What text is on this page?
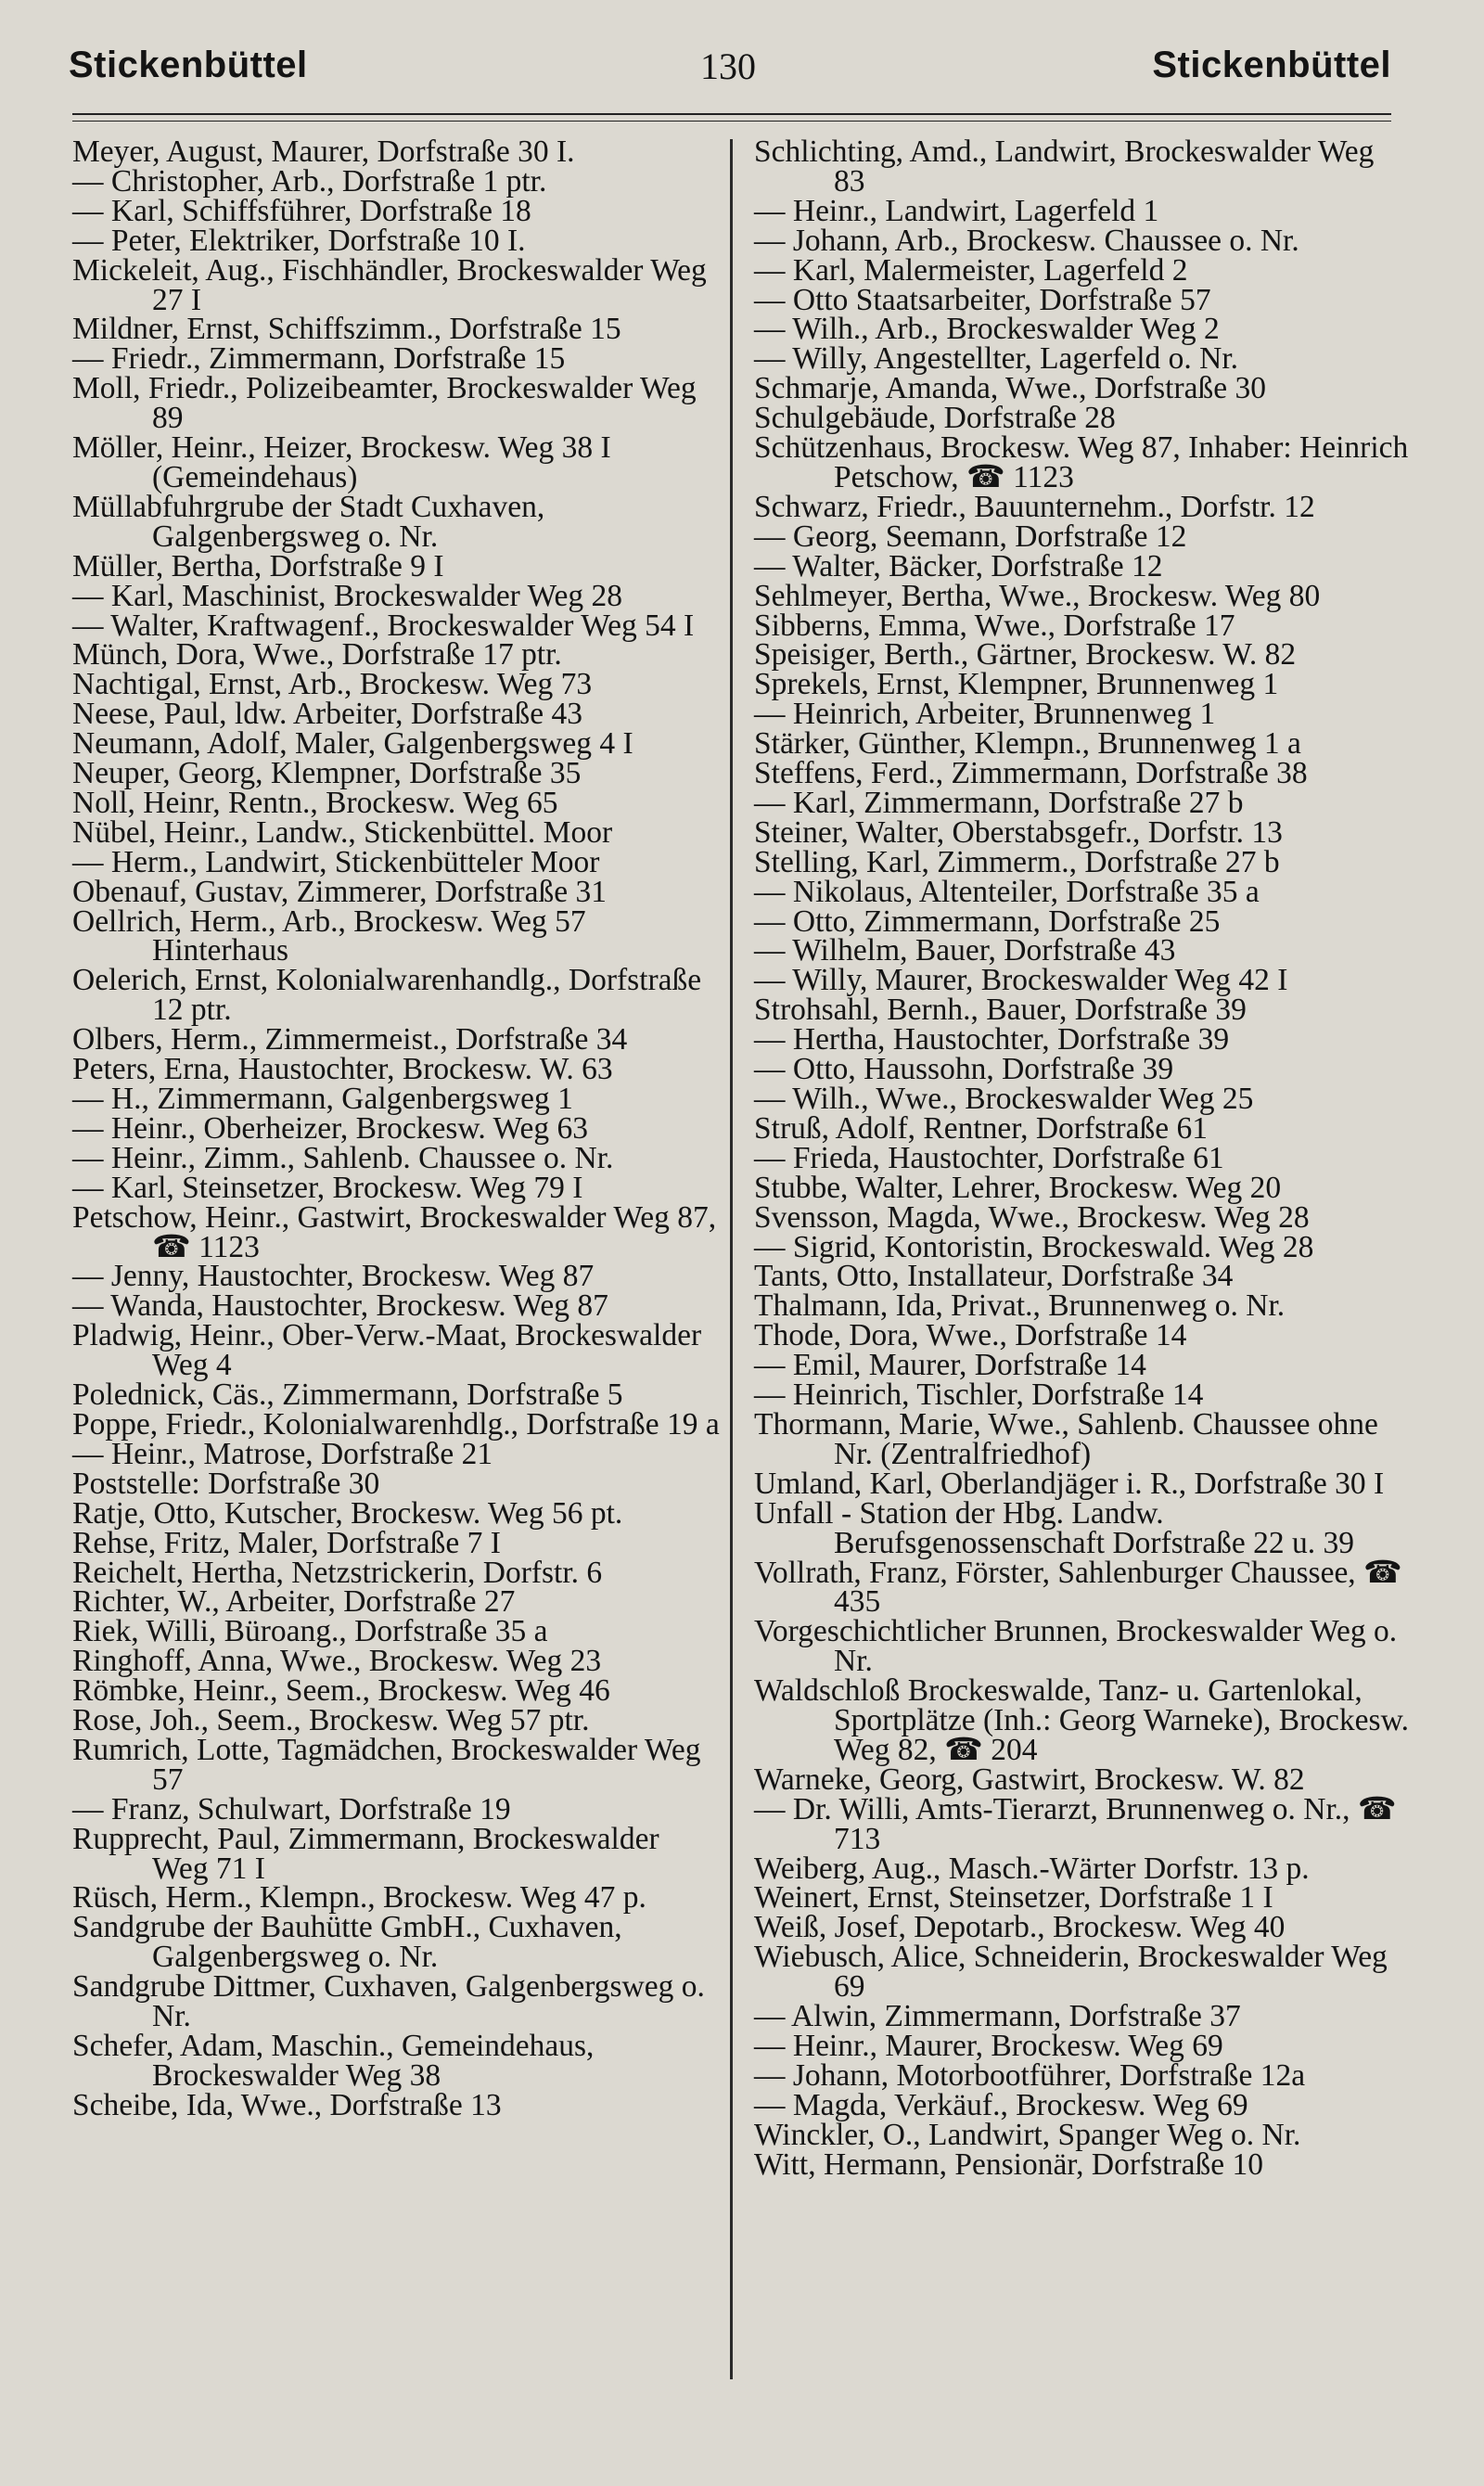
Stickenbüttel	130	Stickenbüttel
Meyer, August, Maurer, Dorfstraße 30 I.
— Christopher, Arb., Dorfstraße 1 ptr.
— Karl, Schiffsführer, Dorfstraße 18
— Peter, Elektriker, Dorfstraße 10 I.
Mickeleit, Aug., Fischhändler, Brockeswalder Weg 27 I
Mildner, Ernst, Schiffszimm., Dorfstraße 15
— Friedr., Zimmermann, Dorfstraße 15
Moll, Friedr., Polizeibeamter, Brockeswalder Weg 89
Möller, Heinr., Heizer, Brockesw. Weg 38 I (Gemeindehaus)
Müllabfuhrgrube der Stadt Cuxhaven, Galgenbergsweg o. Nr.
Müller, Bertha, Dorfstraße 9 I
— Karl, Maschinist, Brockeswalder Weg 28
— Walter, Kraftwagenf., Brockeswalder Weg 54 I
Münch, Dora, Wwe., Dorfstraße 17 ptr.
Nachtigal, Ernst, Arb., Brockesw. Weg 73
Neese, Paul, ldw. Arbeiter, Dorfstraße 43
Neumann, Adolf, Maler, Galgenbergsweg 4 I
Neuper, Georg, Klempner, Dorfstraße 35
Noll, Heinr, Rentn., Brockesw. Weg 65
Nübel, Heinr., Landw., Stickenbüttel. Moor
— Herm., Landwirt, Stickenbütteler Moor
Obenauf, Gustav, Zimmerer, Dorfstraße 31
Oellrich, Herm., Arb., Brockesw. Weg 57 Hinterhaus
Oelerich, Ernst, Kolonialwarenhandlg., Dorfstraße 12 ptr.
Olbers, Herm., Zimmermeist., Dorfstraße 34
Peters, Erna, Haustochter, Brockesw. W. 63
— H., Zimmermann, Galgenbergsweg 1
— Heinr., Oberheizer, Brockesw. Weg 63
— Heinr., Zimm., Sahlenb. Chaussee o. Nr.
— Karl, Steinsetzer, Brockesw. Weg 79 I
Petschow, Heinr., Gastwirt, Brockeswalder Weg 87, ☎ 1123
— Jenny, Haustochter, Brockesw. Weg 87
— Wanda, Haustochter, Brockesw. Weg 87
Pladwig, Heinr., Ober-Verw.-Maat, Brockeswalder Weg 4
Polednick, Cäs., Zimmermann, Dorfstraße 5
Poppe, Friedr., Kolonialwarenhdlg., Dorfstraße 19 a
— Heinr., Matrose, Dorfstraße 21
Poststelle: Dorfstraße 30
Ratje, Otto, Kutscher, Brockesw. Weg 56 pt.
Rehse, Fritz, Maler, Dorfstraße 7 I
Reichelt, Hertha, Netzstrickerin, Dorfstr. 6
Richter, W., Arbeiter, Dorfstraße 27
Riek, Willi, Büroang., Dorfstraße 35 a
Ringhoff, Anna, Wwe., Brockesw. Weg 23
Römbke, Heinr., Seem., Brockesw. Weg 46
Rose, Joh., Seem., Brockesw. Weg 57 ptr.
Rumrich, Lotte, Tagmädchen, Brockeswalder Weg 57
— Franz, Schulwart, Dorfstraße 19
Rupprecht, Paul, Zimmermann, Brockeswalder Weg 71 I
Rüsch, Herm., Klempn., Brockesw. Weg 47 p.
Sandgrube der Bauhütte GmbH., Cuxhaven, Galgenbergsweg o. Nr.
Sandgrube Dittmer, Cuxhaven, Galgenbergsweg o. Nr.
Schefer, Adam, Maschin., Gemeindehaus, Brockeswalder Weg 38
Scheibe, Ida, Wwe., Dorfstraße 13
Schlichting, Amd., Landwirt, Brockeswalder Weg 83
— Heinr., Landwirt, Lagerfeld 1
— Johann, Arb., Brockesw. Chaussee o. Nr.
— Karl, Malermeister, Lagerfeld 2
— Otto Staatsarbeiter, Dorfstraße 57
— Wilh., Arb., Brockeswalder Weg 2
— Willy, Angestellter, Lagerfeld o. Nr.
Schmarje, Amanda, Wwe., Dorfstraße 30
Schulgebäude, Dorfstraße 28
Schützenhaus, Brockesw. Weg 87, Inhaber: Heinrich Petschow, ☎ 1123
Schwarz, Friedr., Bauunternehm., Dorfstr. 12
— Georg, Seemann, Dorfstraße 12
— Walter, Bäcker, Dorfstraße 12
Sehlmeyer, Bertha, Wwe., Brockesw. Weg 80
Sibberns, Emma, Wwe., Dorfstraße 17
Speisiger, Berth., Gärtner, Brockesw. W. 82
Sprekels, Ernst, Klempner, Brunnenweg 1
— Heinrich, Arbeiter, Brunnenweg 1
Stärker, Günther, Klempn., Brunnenweg 1 a
Steffens, Ferd., Zimmermann, Dorfstraße 38
— Karl, Zimmermann, Dorfstraße 27 b
Steiner, Walter, Oberstabsgefr., Dorfstr. 13
Stelling, Karl, Zimmerm., Dorfstraße 27 b
— Nikolaus, Altenteiler, Dorfstraße 35 a
— Otto, Zimmermann, Dorfstraße 25
— Wilhelm, Bauer, Dorfstraße 43
— Willy, Maurer, Brockeswalder Weg 42 I
Strohsahl, Bernh., Bauer, Dorfstraße 39
— Hertha, Haustochter, Dorfstraße 39
— Otto, Haussohn, Dorfstraße 39
— Wilh., Wwe., Brockeswalder Weg 25
Struß, Adolf, Rentner, Dorfstraße 61
— Frieda, Haustochter, Dorfstraße 61
Stubbe, Walter, Lehrer, Brockesw. Weg 20
Svensson, Magda, Wwe., Brockesw. Weg 28
— Sigrid, Kontoristin, Brockeswald. Weg 28
Tants, Otto, Installateur, Dorfstraße 34
Thalmann, Ida, Privat., Brunnenweg o. Nr.
Thode, Dora, Wwe., Dorfstraße 14
— Emil, Maurer, Dorfstraße 14
— Heinrich, Tischler, Dorfstraße 14
Thormann, Marie, Wwe., Sahlenb. Chaussee ohne Nr. (Zentralfriedhof)
Umland, Karl, Oberlandjäger i. R., Dorfstraße 30 I
Unfall - Station der Hbg. Landw. Berufsgenossenschaft Dorfstraße 22 u. 39
Vollrath, Franz, Förster, Sahlenburger Chaussee, ☎ 435
Vorgeschichtlicher Brunnen, Brockeswalder Weg o. Nr.
Waldschloß Brockeswalde, Tanz- u. Gartenlokal, Sportplätze (Inh.: Georg Warneke), Brockesw. Weg 82, ☎ 204
Warneke, Georg, Gastwirt, Brockesw. W. 82
— Dr. Willi, Amts-Tierarzt, Brunnenweg o. Nr., ☎ 713
Weiberg, Aug., Masch.-Wärter Dorfstr. 13 p.
Weinert, Ernst, Steinsetzer, Dorfstraße 1 I
Weiß, Josef, Depotarb., Brockesw. Weg 40
Wiebusch, Alice, Schneiderin, Brockeswalder Weg 69
— Alwin, Zimmermann, Dorfstraße 37
— Heinr., Maurer, Brockesw. Weg 69
— Johann, Motorbootführer, Dorfstraße 12a
— Magda, Verkäuf., Brockesw. Weg 69
Winckler, O., Landwirt, Spanger Weg o. Nr.
Witt, Hermann, Pensionär, Dorfstraße 10
